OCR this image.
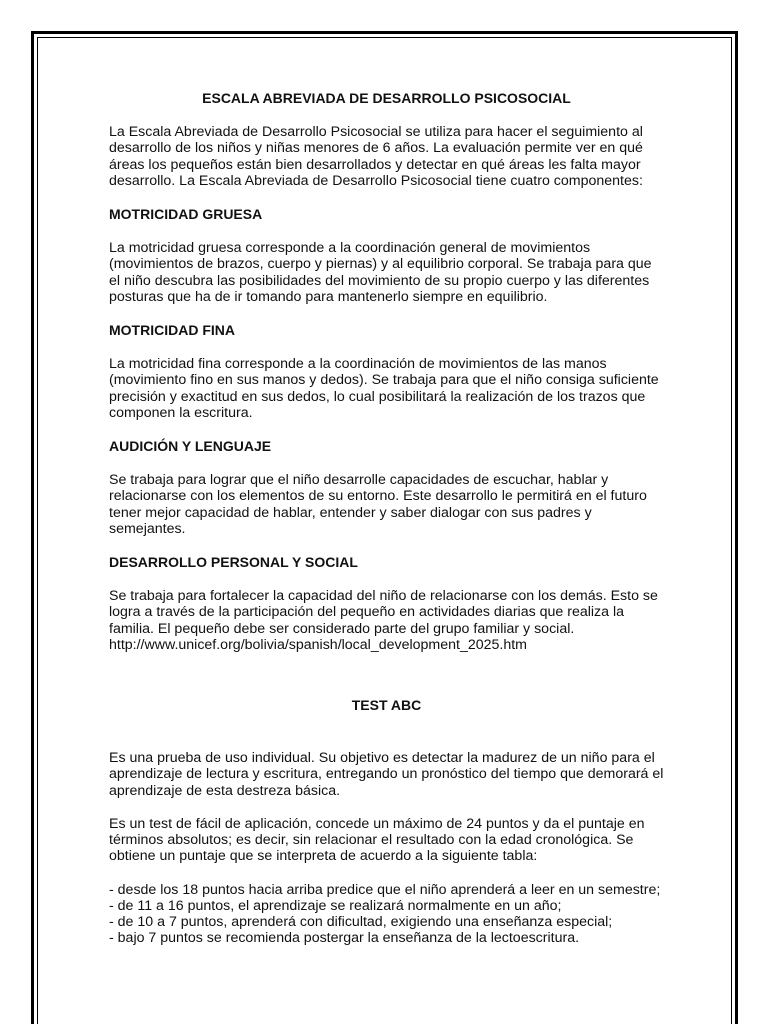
ESCALA ABREVIADA DE DESARROLLO PSICOSOCIAL

La Escala Abreviada de Desarrollo Psicosocial se utiliza para hacer el seguimiento al desarrollo de los niños y niñas menores de 6 años. La evaluación permite ver en qué áreas los pequeños están bien desarrollados y detectar en qué áreas les falta mayor desarrollo. La Escala Abreviada de Desarrollo Psicosocial tiene cuatro componentes:

MOTRICIDAD GRUESA

La motricidad gruesa corresponde a la coordinación general de movimientos (movimientos de brazos, cuerpo y piernas) y al equilibrio corporal. Se trabaja para que el niño descubra las posibilidades del movimiento de su propio cuerpo y las diferentes posturas que ha de ir tomando para mantenerlo siempre en equilibrio.

MOTRICIDAD FINA

La motricidad fina corresponde a la coordinación de movimientos de las manos (movimiento fino en sus manos y dedos). Se trabaja para que el niño consiga suficiente precisión y exactitud en sus dedos, lo cual posibilitará la realización de los trazos que componen la escritura.

AUDICIÓN Y LENGUAJE

Se trabaja para lograr que el niño desarrolle capacidades de escuchar, hablar y relacionarse con los elementos de su entorno. Este desarrollo le permitirá en el futuro tener mejor capacidad de hablar, entender y saber dialogar con sus padres y semejantes.

DESARROLLO PERSONAL Y SOCIAL

Se trabaja para fortalecer la capacidad del niño de relacionarse con los demás. Esto se logra a través de la participación del pequeño en actividades diarias que realiza la familia. El pequeño debe ser considerado parte del grupo familiar y social.

http://www.unicef.org/bolivia/spanish/local_development_2025.htm
TEST ABC

Es una prueba de uso individual. Su objetivo es detectar la madurez de un niño para el aprendizaje de lectura y escritura, entregando un pronóstico del tiempo que demorará el aprendizaje de esta destreza básica.

Es un test de fácil de aplicación, concede un máximo de 24 puntos y da el puntaje en términos absolutos; es decir, sin relacionar el resultado con la edad cronológica. Se obtiene un puntaje que se interpreta de acuerdo a la siguiente tabla:

- desde los 18 puntos hacia arriba predice que el niño aprenderá a leer en un semestre;
- de 11 a 16 puntos, el aprendizaje se realizará normalmente en un año;
- de 10 a 7 puntos, aprenderá con dificultad, exigiendo una enseñanza especial;
- bajo 7 puntos se recomienda postergar la enseñanza de la lectoescritura.
